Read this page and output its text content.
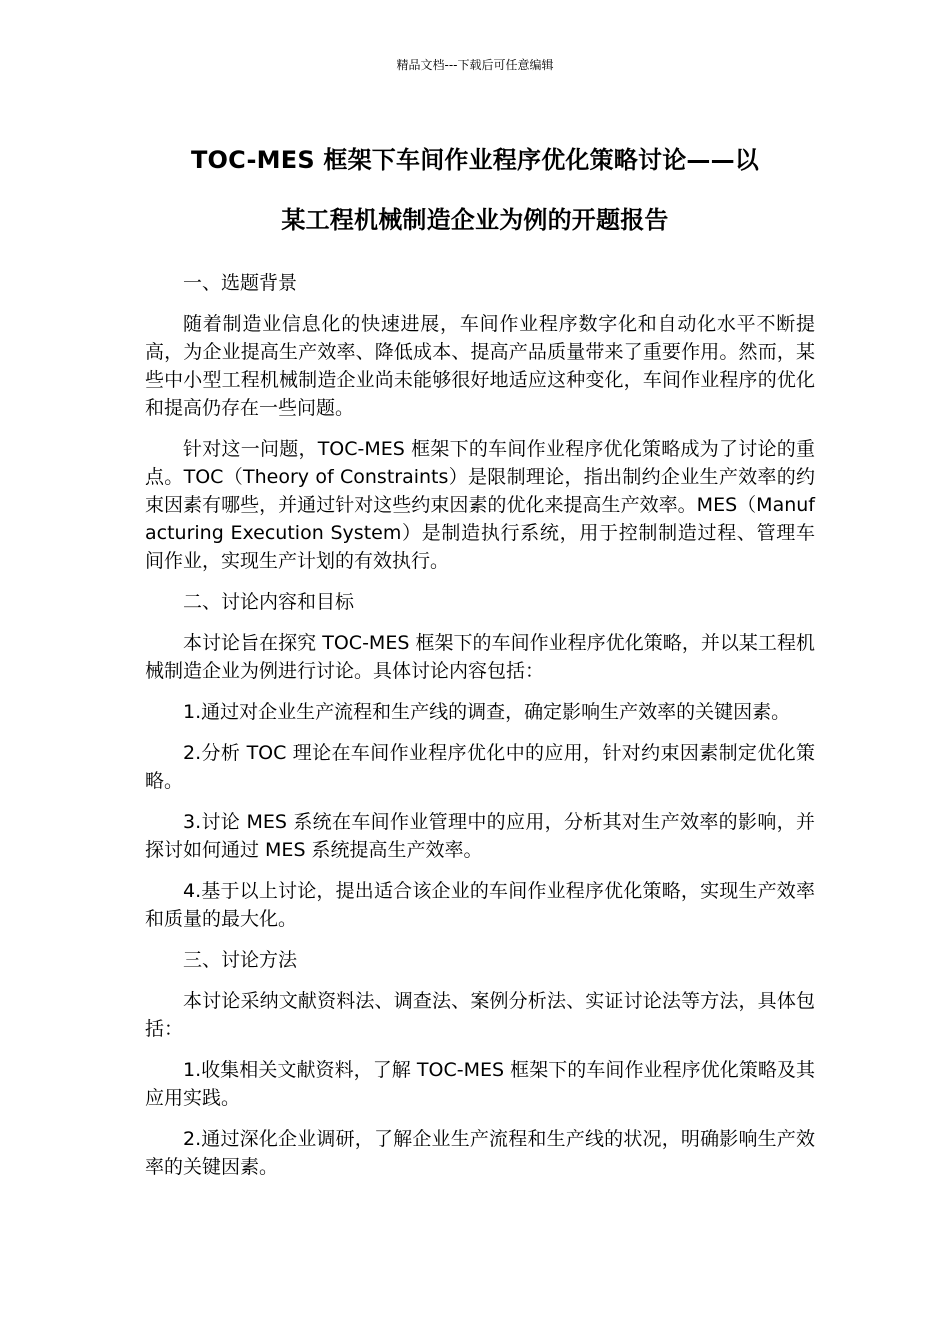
精品文档---下载后可任意编辑
TOC-MES 框架下车间作业程序优化策略讨论——以
某工程机械制造企业为例的开题报告

一、选题背景

随着制造业信息化的快速进展，车间作业程序数字化和自动化水平不断提高，为企业提高生产效率、降低成本、提高产品质量带来了重要作用。然而，某些中小型工程机械制造企业尚未能够很好地适应这种变化，车间作业程序的优化和提高仍存在一些问题。

针对这一问题，TOC-MES 框架下的车间作业程序优化策略成为了讨论的重点。TOC（Theory of Constraints）是限制理论，指出制约企业生产效率的约束因素有哪些，并通过针对这些约束因素的优化来提高生产效率。MES（Manufacturing Execution System）是制造执行系统，用于控制制造过程、管理车间作业，实现生产计划的有效执行。

二、讨论内容和目标

本讨论旨在探究 TOC-MES 框架下的车间作业程序优化策略，并以某工程机械制造企业为例进行讨论。具体讨论内容包括：

1.通过对企业生产流程和生产线的调查，确定影响生产效率的关键因素。

2.分析 TOC 理论在车间作业程序优化中的应用，针对约束因素制定优化策略。

3.讨论 MES 系统在车间作业管理中的应用，分析其对生产效率的影响，并探讨如何通过 MES 系统提高生产效率。

4.基于以上讨论，提出适合该企业的车间作业程序优化策略，实现生产效率和质量的最大化。

三、讨论方法

本讨论采纳文献资料法、调查法、案例分析法、实证讨论法等方法，具体包括：

1.收集相关文献资料，了解 TOC-MES 框架下的车间作业程序优化策略及其应用实践。

2.通过深化企业调研，了解企业生产流程和生产线的状况，明确影响生产效率的关键因素。
